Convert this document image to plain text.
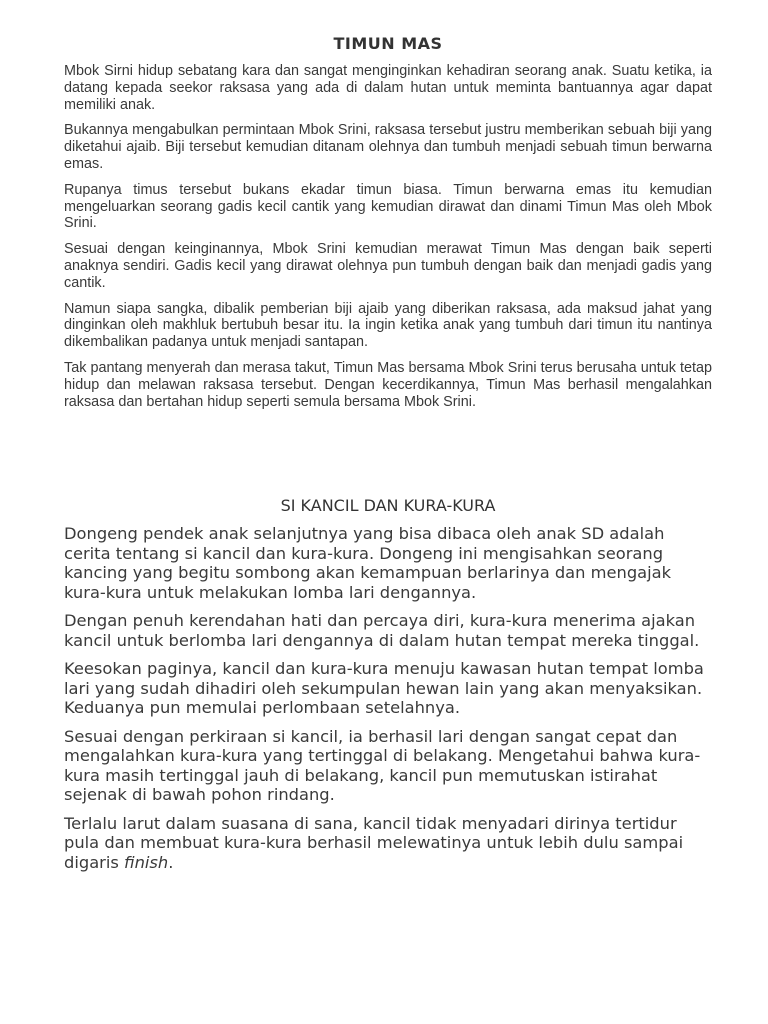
TIMUN MAS

Mbok Sirni hidup sebatang kara dan sangat menginginkan kehadiran seorang anak. Suatu ketika, ia datang kepada seekor raksasa yang ada di dalam hutan untuk meminta bantuannya agar dapat memiliki anak.

Bukannya mengabulkan permintaan Mbok Srini, raksasa tersebut justru memberikan sebuah biji yang diketahui ajaib. Biji tersebut kemudian ditanam olehnya dan tumbuh menjadi sebuah timun berwarna emas.

Rupanya timus tersebut bukans ekadar timun biasa. Timun berwarna emas itu kemudian mengeluarkan seorang gadis kecil cantik yang kemudian dirawat dan dinami Timun Mas oleh Mbok Srini.

Sesuai dengan keinginannya, Mbok Srini kemudian merawat Timun Mas dengan baik seperti anaknya sendiri. Gadis kecil yang dirawat olehnya pun tumbuh dengan baik dan menjadi gadis yang cantik.

Namun siapa sangka, dibalik pemberian biji ajaib yang diberikan raksasa, ada maksud jahat yang dinginkan oleh makhluk bertubuh besar itu. Ia ingin ketika anak yang tumbuh dari timun itu nantinya dikembalikan padanya untuk menjadi santapan.

Tak pantang menyerah dan merasa takut, Timun Mas bersama Mbok Srini terus berusaha untuk tetap hidup dan melawan raksasa tersebut. Dengan kecerdikannya, Timun Mas berhasil mengalahkan raksasa dan bertahan hidup seperti semula bersama Mbok Srini.

SI KANCIL DAN KURA-KURA

Dongeng pendek anak selanjutnya yang bisa dibaca oleh anak SD adalah cerita tentang si kancil dan kura-kura. Dongeng ini mengisahkan seorang kancing yang begitu sombong akan kemampuan berlarinya dan mengajak kura-kura untuk melakukan lomba lari dengannya.

Dengan penuh kerendahan hati dan percaya diri, kura-kura menerima ajakan kancil untuk berlomba lari dengannya di dalam hutan tempat mereka tinggal.

Keesokan paginya, kancil dan kura-kura menuju kawasan hutan tempat lomba lari yang sudah dihadiri oleh sekumpulan hewan lain yang akan menyaksikan. Keduanya pun memulai perlombaan setelahnya.

Sesuai dengan perkiraan si kancil, ia berhasil lari dengan sangat cepat dan mengalahkan kura-kura yang tertinggal di belakang. Mengetahui bahwa kura-kura masih tertinggal jauh di belakang, kancil pun memutuskan istirahat sejenak di bawah pohon rindang.

Terlalu larut dalam suasana di sana, kancil tidak menyadari dirinya tertidur pula dan membuat kura-kura berhasil melewatinya untuk lebih dulu sampai digaris finish.
